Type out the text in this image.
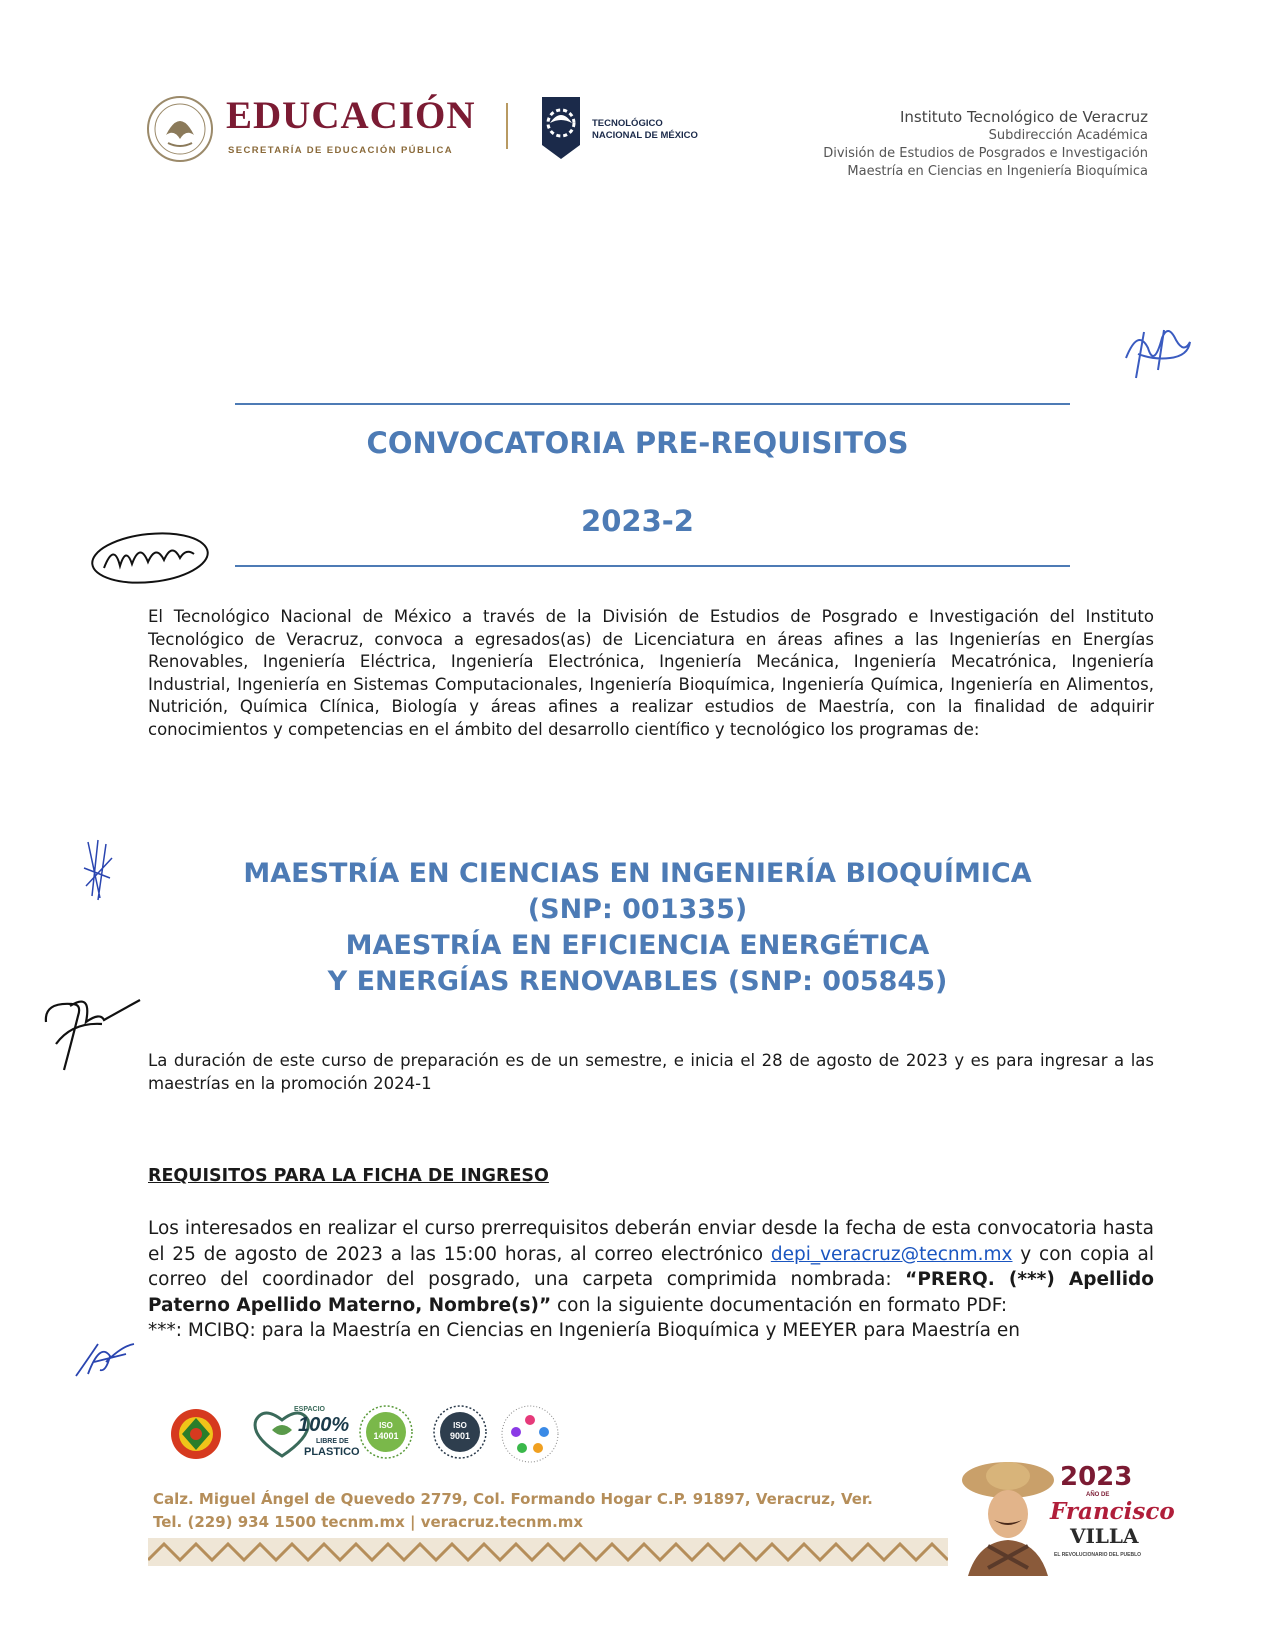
EDUCACIÓN
SECRETARÍA DE EDUCACIÓN PÚBLICA
TECNOLÓGICO
NACIONAL DE MÉXICO
Instituto Tecnológico de Veracruz
Subdirección Académica
División de Estudios de Posgrados e Investigación
Maestría en Ciencias en Ingeniería Bioquímica
CONVOCATORIA PRE-REQUISITOS
2023-2
El Tecnológico Nacional de México a través de la División de Estudios de Posgrado e Investigación del Instituto Tecnológico de Veracruz, convoca a egresados(as) de Licenciatura en áreas afines a las Ingenierías en Energías Renovables, Ingeniería Eléctrica, Ingeniería Electrónica, Ingeniería Mecánica, Ingeniería Mecatrónica, Ingeniería Industrial, Ingeniería en Sistemas Computacionales, Ingeniería Bioquímica, Ingeniería Química, Ingeniería en Alimentos, Nutrición, Química Clínica, Biología y áreas afines a realizar estudios de Maestría, con la finalidad de adquirir conocimientos y competencias en el ámbito del desarrollo científico y tecnológico los programas de:
MAESTRÍA EN CIENCIAS EN INGENIERÍA BIOQUÍMICA
(SNP: 001335)
MAESTRÍA EN EFICIENCIA ENERGÉTICA
Y ENERGÍAS RENOVABLES (SNP: 005845)
La duración de este curso de preparación es de un semestre, e inicia el 28 de agosto de 2023 y es para ingresar a las maestrías en la promoción 2024-1
REQUISITOS PARA LA FICHA DE INGRESO
Los interesados en realizar el curso prerrequisitos deberán enviar desde la fecha de esta convocatoria hasta el 25 de agosto de 2023 a las 15:00 horas, al correo electrónico depi_veracruz@tecnm.mx y con copia al correo del coordinador del posgrado, una carpeta comprimida nombrada: “PRERQ. (***) Apellido Paterno Apellido Materno, Nombre(s)” con la siguiente documentación en formato PDF:
***: MCIBQ: para la Maestría en Ciencias en Ingeniería Bioquímica y MEEYER para Maestría en
ESPACIO
100%
LIBRE DE
PLASTICO
ISO
14001
ISO
9001
Calz. Miguel Ángel de Quevedo 2779, Col. Formando Hogar C.P. 91897, Veracruz, Ver.
Tel. (229) 934 1500 tecnm.mx | veracruz.tecnm.mx
2023
AÑO DE
Francisco
VILLA
EL REVOLUCIONARIO DEL PUEBLO
